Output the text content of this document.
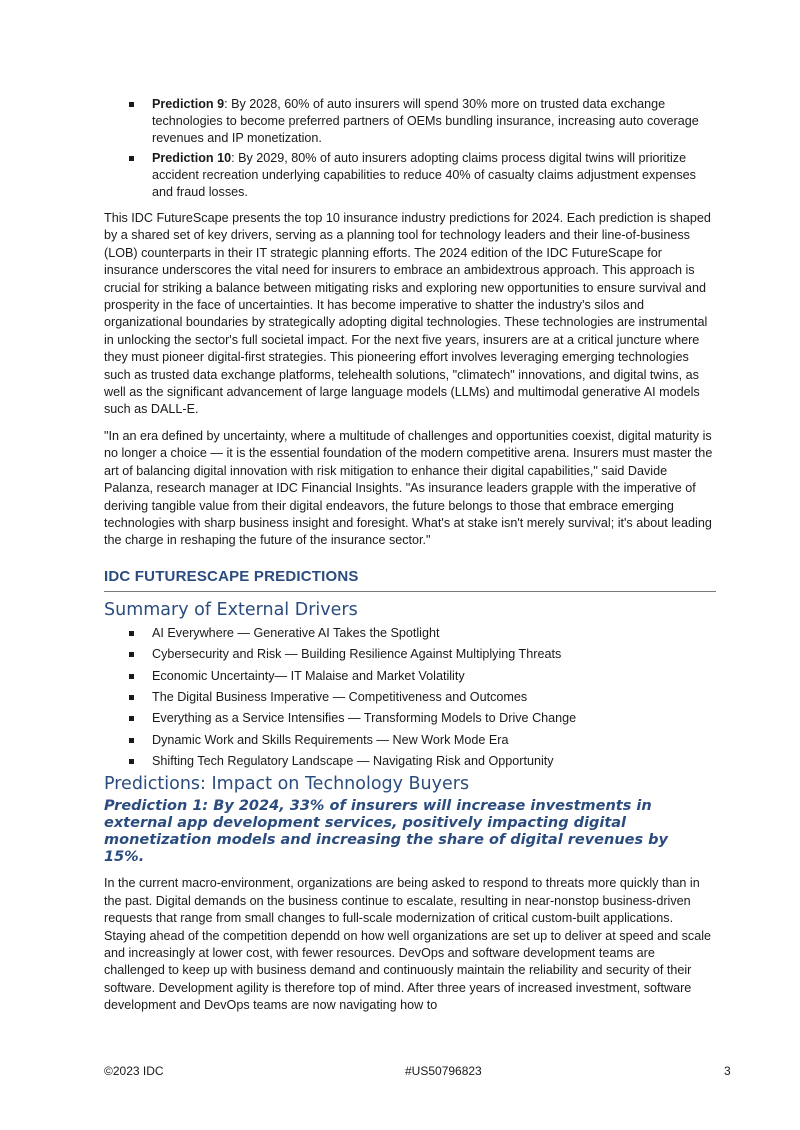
Prediction 9: By 2028, 60% of auto insurers will spend 30% more on trusted data exchange technologies to become preferred partners of OEMs bundling insurance, increasing auto coverage revenues and IP monetization.
Prediction 10: By 2029, 80% of auto insurers adopting claims process digital twins will prioritize accident recreation underlying capabilities to reduce 40% of casualty claims adjustment expenses and fraud losses.

This IDC FutureScape presents the top 10 insurance industry predictions for 2024. Each prediction is shaped by a shared set of key drivers, serving as a planning tool for technology leaders and their line-of-business (LOB) counterparts in their IT strategic planning efforts. The 2024 edition of the IDC FutureScape for insurance underscores the vital need for insurers to embrace an ambidextrous approach. This approach is crucial for striking a balance between mitigating risks and exploring new opportunities to ensure survival and prosperity in the face of uncertainties. It has become imperative to shatter the industry's silos and organizational boundaries by strategically adopting digital technologies. These technologies are instrumental in unlocking the sector's full societal impact. For the next five years, insurers are at a critical juncture where they must pioneer digital-first strategies. This pioneering effort involves leveraging emerging technologies such as trusted data exchange platforms, telehealth solutions, "climatech" innovations, and digital twins, as well as the significant advancement of large language models (LLMs) and multimodal generative AI models such as DALL-E.

"In an era defined by uncertainty, where a multitude of challenges and opportunities coexist, digital maturity is no longer a choice — it is the essential foundation of the modern competitive arena. Insurers must master the art of balancing digital innovation with risk mitigation to enhance their digital capabilities," said Davide Palanza, research manager at IDC Financial Insights. "As insurance leaders grapple with the imperative of deriving tangible value from their digital endeavors, the future belongs to those that embrace emerging technologies with sharp business insight and foresight. What's at stake isn't merely survival; it's about leading the charge in reshaping the future of the insurance sector."

IDC FUTURESCAPE PREDICTIONS
Summary of External Drivers
AI Everywhere — Generative AI Takes the Spotlight
Cybersecurity and Risk — Building Resilience Against Multiplying Threats
Economic Uncertainty— IT Malaise and Market Volatility
The Digital Business Imperative — Competitiveness and Outcomes
Everything as a Service Intensifies — Transforming Models to Drive Change
Dynamic Work and Skills Requirements — New Work Mode Era
Shifting Tech Regulatory Landscape — Navigating Risk and Opportunity
Predictions: Impact on Technology Buyers
Prediction 1: By 2024, 33% of insurers will increase investments in external app development services, positively impacting digital monetization models and increasing the share of digital revenues by 15%.

In the current macro-environment, organizations are being asked to respond to threats more quickly than in the past. Digital demands on the business continue to escalate, resulting in near-nonstop business-driven requests that range from small changes to full-scale modernization of critical custom-built applications. Staying ahead of the competition dependd on how well organizations are set up to deliver at speed and scale and increasingly at lower cost, with fewer resources. DevOps and software development teams are challenged to keep up with business demand and continuously maintain the reliability and security of their software. Development agility is therefore top of mind. After three years of increased investment, software development and DevOps teams are now navigating how to

©2023 IDC	#US50796823	3
